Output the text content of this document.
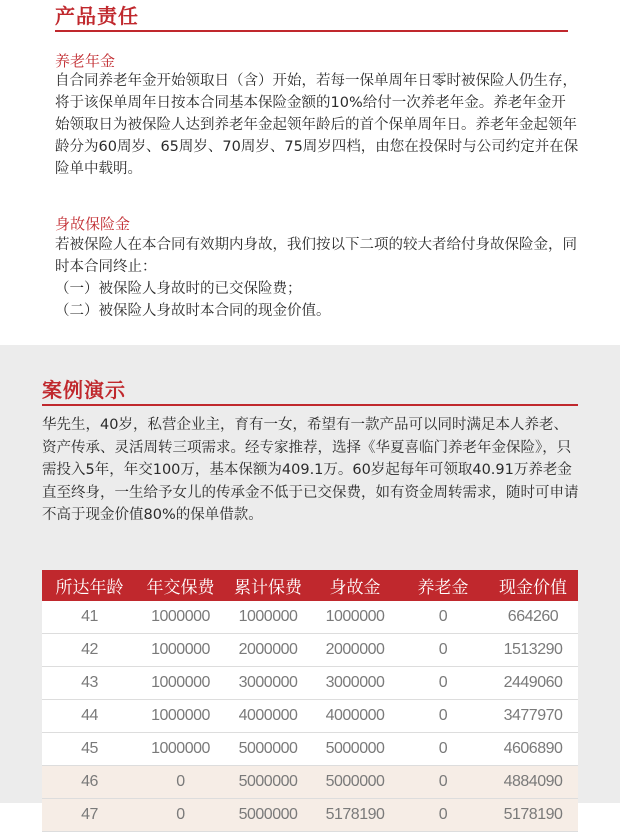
产品责任
养老年金
自合同养老年金开始领取日（含）开始，若每一保单周年日零时被保险人仍生存，将于该保单周年日按本合同基本保险金额的10%给付一次养老年金。养老年金开始领取日为被保险人达到养老年金起领年龄后的首个保单周年日。养老年金起领年龄分为60周岁、65周岁、70周岁、75周岁四档，由您在投保时与公司约定并在保险单中载明。
身故保险金
若被保险人在本合同有效期内身故，我们按以下二项的较大者给付身故保险金，同时本合同终止：
（一）被保险人身故时的已交保险费；
（二）被保险人身故时本合同的现金价值。
案例演示
华先生，40岁，私营企业主，育有一女，希望有一款产品可以同时满足本人养老、资产传承、灵活周转三项需求。经专家推荐，选择《华夏喜临门养老年金保险》，只需投入5年，年交100万，基本保额为409.1万。60岁起每年可领取40.91万养老金直至终身，一生给予女儿的传承金不低于已交保费，如有资金周转需求，随时可申请不高于现金价值80%的保单借款。
所达年龄	年交保费	累计保费	身故金	养老金	现金价值
41	1000000	1000000	1000000	0	664260
42	1000000	2000000	2000000	0	1513290
43	1000000	3000000	3000000	0	2449060
44	1000000	4000000	4000000	0	3477970
45	1000000	5000000	5000000	0	4606890
46	0	5000000	5000000	0	4884090
47	0	5000000	5178190	0	5178190
